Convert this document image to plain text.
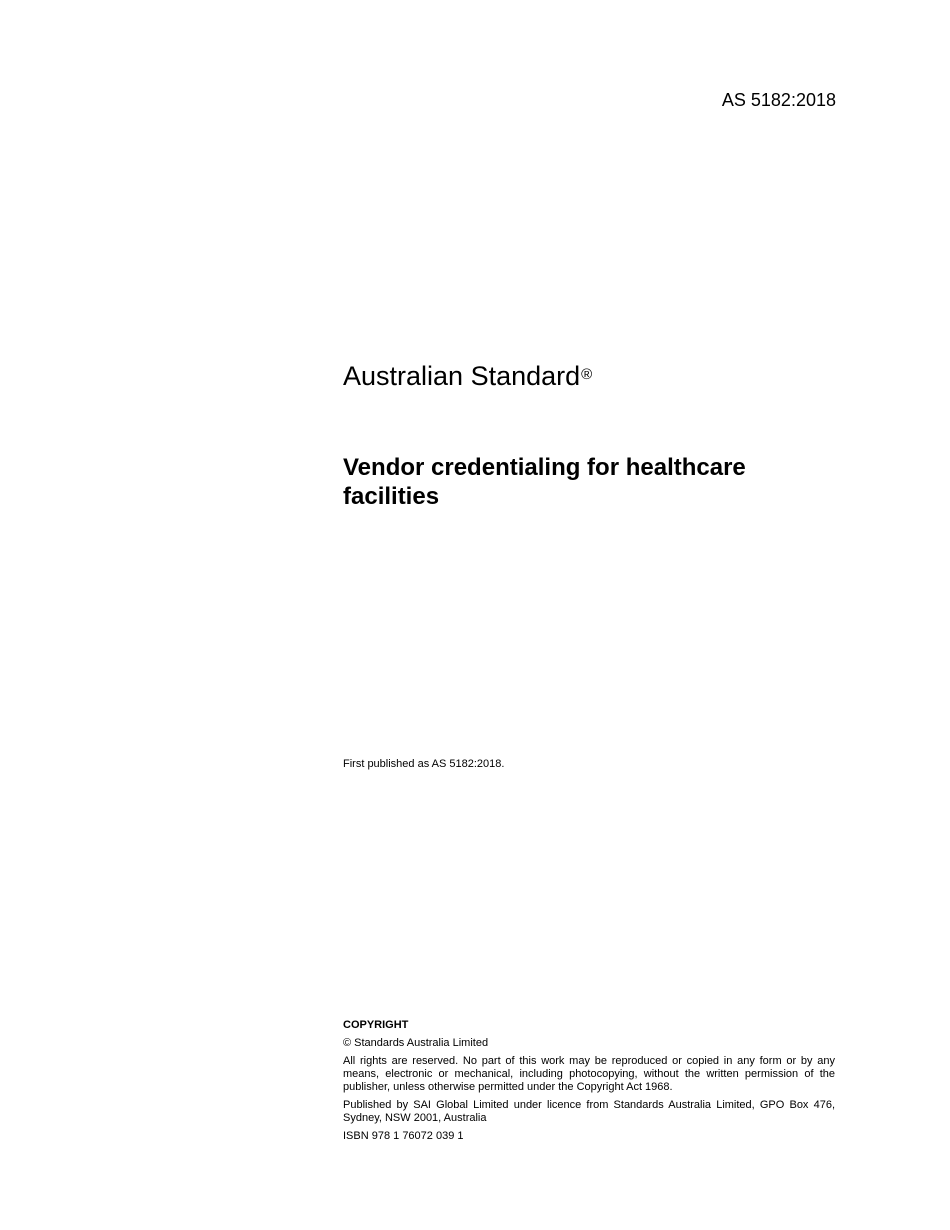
AS 5182:2018
Australian Standard®
Vendor credentialing for healthcare
facilities
First published as AS 5182:2018.

COPYRIGHT

© Standards Australia Limited

All rights are reserved. No part of this work may be reproduced or copied in any form or by any means, electronic or mechanical, including photocopying, without the written permission of the publisher, unless otherwise permitted under the Copyright Act 1968.

Published by SAI Global Limited under licence from Standards Australia Limited, GPO Box 476, Sydney, NSW 2001, Australia

ISBN 978 1 76072 039 1
